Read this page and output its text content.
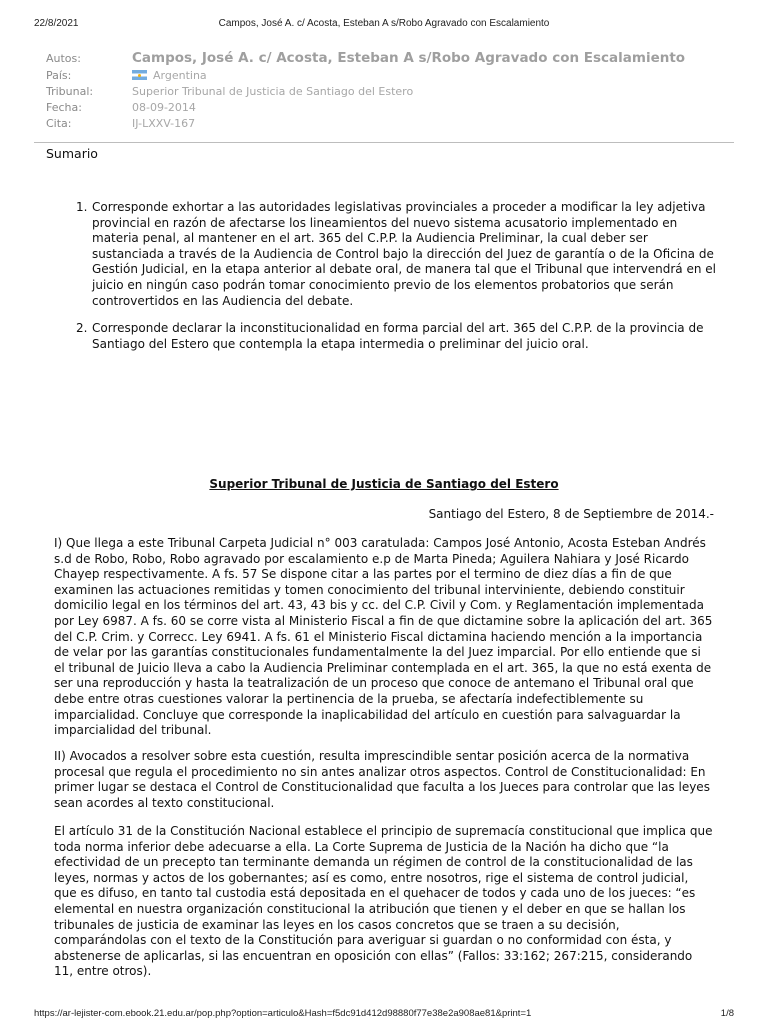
22/8/2021	Campos, José A. c/ Acosta, Esteban A s/Robo Agravado con Escalamiento
Autos:	Campos, José A. c/ Acosta, Esteban A s/Robo Agravado con Escalamiento
País:	Argentina
Tribunal:	Superior Tribunal de Justicia de Santiago del Estero
Fecha:	08-09-2014
Cita:	IJ-LXXV-167
Sumario
1. Corresponde exhortar a las autoridades legislativas provinciales a proceder a modificar la ley adjetiva provincial en razón de afectarse los lineamientos del nuevo sistema acusatorio implementado en materia penal, al mantener en el art. 365 del C.P.P. la Audiencia Preliminar, la cual deber ser sustanciada a través de la Audiencia de Control bajo la dirección del Juez de garantía o de la Oficina de Gestión Judicial, en la etapa anterior al debate oral, de manera tal que el Tribunal que intervendrá en el juicio en ningún caso podrán tomar conocimiento previo de los elementos probatorios que serán controvertidos en las Audiencia del debate.
2. Corresponde declarar la inconstitucionalidad en forma parcial del art. 365 del C.P.P. de la provincia de Santiago del Estero que contempla la etapa intermedia o preliminar del juicio oral.
Superior Tribunal de Justicia de Santiago del Estero
Santiago del Estero, 8 de Septiembre de 2014.-

I) Que llega a este Tribunal Carpeta Judicial n° 003 caratulada: Campos José Antonio, Acosta Esteban Andrés s.d de Robo, Robo, Robo agravado por escalamiento e.p de Marta Pineda; Aguilera Nahiara y José Ricardo Chayep respectivamente. A fs. 57 Se dispone citar a las partes por el termino de diez días a fin de que examinen las actuaciones remitidas y tomen conocimiento del tribunal interviniente, debiendo constituir domicilio legal en los términos del art. 43, 43 bis y cc. del C.P. Civil y Com. y Reglamentación implementada por Ley 6987. A fs. 60 se corre vista al Ministerio Fiscal a fin de que dictamine sobre la aplicación del art. 365 del C.P. Crim. y Correcc. Ley 6941. A fs. 61 el Ministerio Fiscal dictamina haciendo mención a la importancia de velar por las garantías constitucionales fundamentalmente la del Juez imparcial. Por ello entiende que si el tribunal de Juicio lleva a cabo la Audiencia Preliminar contemplada en el art. 365, la que no está exenta de ser una reproducción y hasta la teatralización de un proceso que conoce de antemano el Tribunal oral que debe entre otras cuestiones valorar la pertinencia de la prueba, se afectaría indefectiblemente su imparcialidad. Concluye que corresponde la inaplicabilidad del artículo en cuestión para salvaguardar la imparcialidad del tribunal.

II) Avocados a resolver sobre esta cuestión, resulta imprescindible sentar posición acerca de la normativa procesal que regula el procedimiento no sin antes analizar otros aspectos. Control de Constitucionalidad: En primer lugar se destaca el Control de Constitucionalidad que faculta a los Jueces para controlar que las leyes sean acordes al texto constitucional.

El artículo 31 de la Constitución Nacional establece el principio de supremacía constitucional que implica que toda norma inferior debe adecuarse a ella. La Corte Suprema de Justicia de la Nación ha dicho que “la efectividad de un precepto tan terminante demanda un régimen de control de la constitucionalidad de las leyes, normas y actos de los gobernantes; así es como, entre nosotros, rige el sistema de control judicial, que es difuso, en tanto tal custodia está depositada en el quehacer de todos y cada uno de los jueces: “es elemental en nuestra organización constitucional la atribución que tienen y el deber en que se hallan los tribunales de justicia de examinar las leyes en los casos concretos que se traen a su decisión, comparándolas con el texto de la Constitución para averiguar si guardan o no conformidad con ésta, y abstenerse de aplicarlas, si las encuentran en oposición con ellas” (Fallos: 33:162; 267:215, considerando 11, entre otros).

https://ar-lejister-com.ebook.21.edu.ar/pop.php?option=articulo&Hash=f5dc91d412d98880f77e38e2a908ae81&print=1	1/8
